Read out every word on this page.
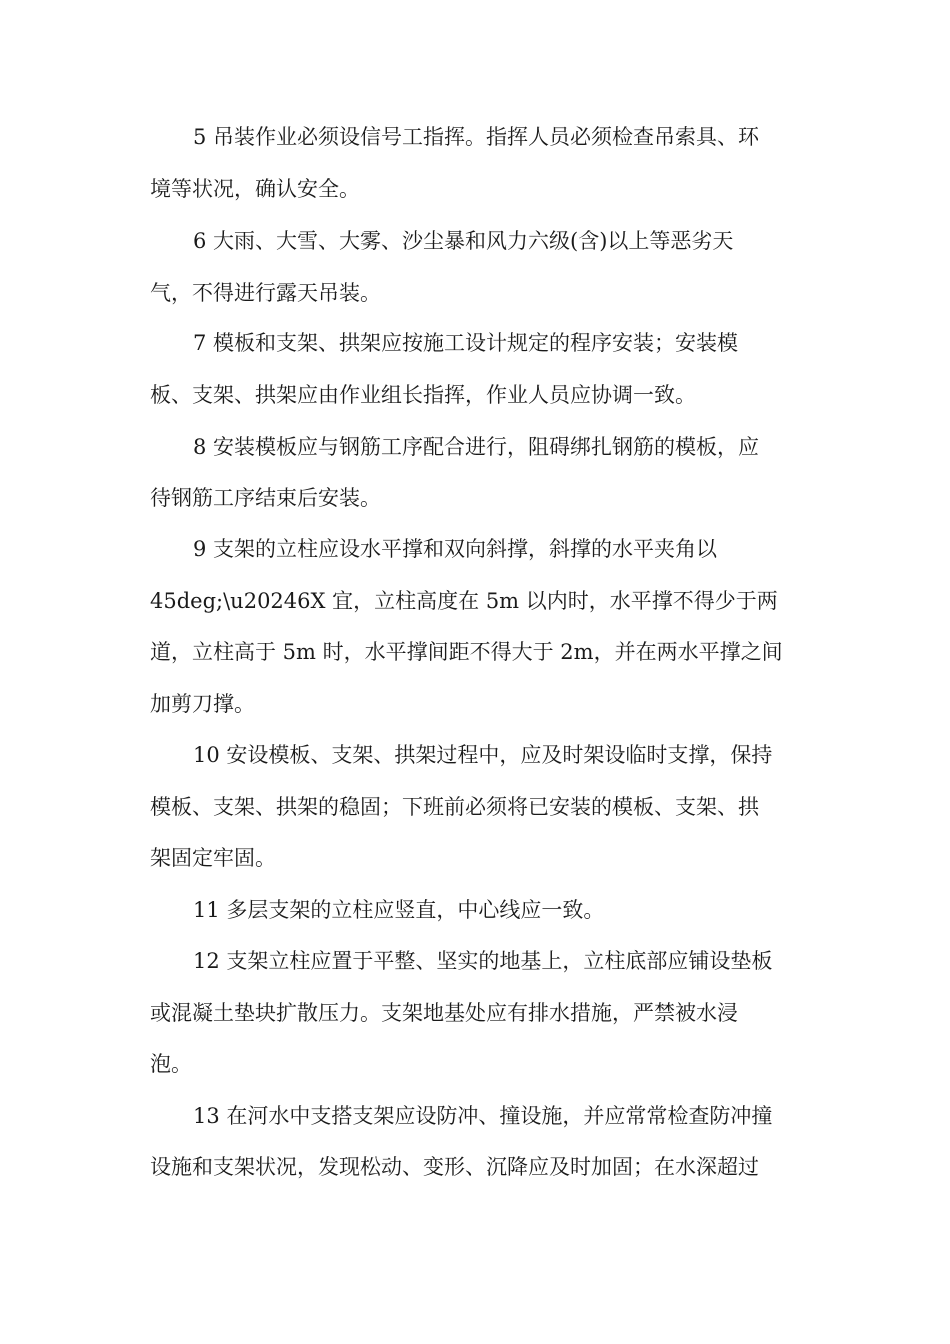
5 吊装作业必须设信号工指挥。指挥人员必须检查吊索具、环
境等状况，确认安全。
6 大雨、大雪、大雾、沙尘暴和风力六级(含)以上等恶劣天
气，不得进行露天吊装。
7 模板和支架、拱架应按施工设计规定的程序安装；安装模
板、支架、拱架应由作业组长指挥，作业人员应协调一致。
8 安装模板应与钢筋工序配合进行，阻碍绑扎钢筋的模板，应
待钢筋工序结束后安装。
9 支架的立柱应设水平撑和双向斜撑，斜撑的水平夹角以
45deg;\u20246X 宜，立柱高度在 5m 以内时，水平撑不得少于两
道，立柱高于 5m 时，水平撑间距不得大于 2m，并在两水平撑之间
加剪刀撑。
10 安设模板、支架、拱架过程中，应及时架设临时支撑，保持
模板、支架、拱架的稳固；下班前必须将已安装的模板、支架、拱
架固定牢固。
11 多层支架的立柱应竖直，中心线应一致。
12 支架立柱应置于平整、坚实的地基上，立柱底部应铺设垫板
或混凝土垫块扩散压力。支架地基处应有排水措施，严禁被水浸
泡。
13 在河水中支搭支架应设防冲、撞设施，并应常常检查防冲撞
设施和支架状况，发现松动、变形、沉降应及时加固；在水深超过
